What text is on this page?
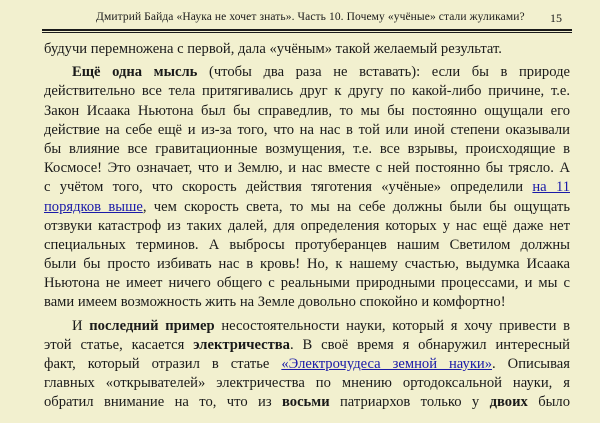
Дмитрий Байда «Наука не хочет знать». Часть 10. Почему «учёные» стали жуликами? 15
будучи перемноженa с первой, дала «учёным» такой желаемый результат.
Ещё одна мысль (чтобы два раза не вставать): если бы в природе
действительно все тела притягивались друг к другу по какой-либо причине, т.е.
Закон Исаака Ньютона был бы справедлив, то мы бы постоянно ощущали его
действие на себе ещё и из-за того, что на нас в той или иной степени оказывали
бы влияние все гравитационные возмущения, т.е. все взрывы, происходящие в
Космосе! Это означает, что и Землю, и нас вместе с ней постоянно бы трясло. А
с учётом того, что скорость действия тяготения «учёные» определили на 11
порядков выше, чем скорость света, то мы на себе должны были бы ощущать
отзвуки катастроф из таких далей, для определения которых у нас ещё даже нет
специальных терминов. А выбросы протуберанцев нашим Светилом должны
были бы просто избивать нас в кровь! Но, к нашему счастью, выдумка Исаака
Ньютона не имеет ничего общего с реальными природными процессами, и мы с
вами имеем возможность жить на Земле довольно спокойно и комфортно!
И последний пример несостоятельности науки, который я хочу привести в
этой статье, касается электричества. В своё время я обнаружил интересный
факт, который отразил в статье «Электрочудеса земной науки». Описывая
главных «открывателей» электричества по мнению ортодоксальной науки, я
обратил внимание на то, что из восьми патриархов только у двоих было
